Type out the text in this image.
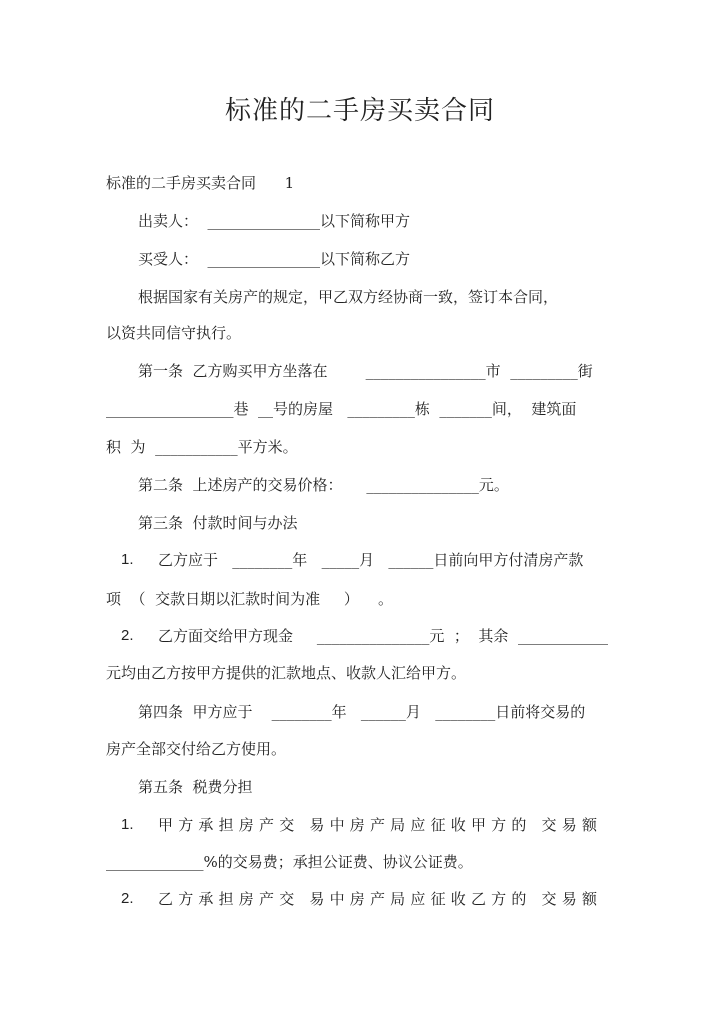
标准的二手房买卖合同
标准的二手房买卖合同      1
出卖人：  _______________以下简称甲方
买受人：  _______________以下简称乙方
根据国家有关房产的规定，甲乙双方经协商一致，签订本合同，
以资共同信守执行。
第一条  乙方购买甲方坐落在        ________________市  _________街
_________________巷  __号的房屋   _________栋  _______间，  建筑面
积  为  ___________平方米。
第二条  上述房产的交易价格：     _______________元。
第三条  付款时间与办法
1. 乙方应于   ________年   _____月   ______日前向甲方付清房产款
项  （  交款日期以汇款时间为准     ）    。
2. 乙方面交给甲方现金     _______________元  ；  其余  ____________
元均由乙方按甲方提供的汇款地点、收款人汇给甲方。
第四条  甲方应于    ________年   ______月   ________日前将交易的
房产全部交付给乙方使用。
第五条  税费分担
1. 甲方承担房产交 易中房产局应征收甲方的 交易额
_____________%的交易费；承担公证费、协议公证费。
2. 乙方承担房产交 易中房产局应征收乙方的 交易额
